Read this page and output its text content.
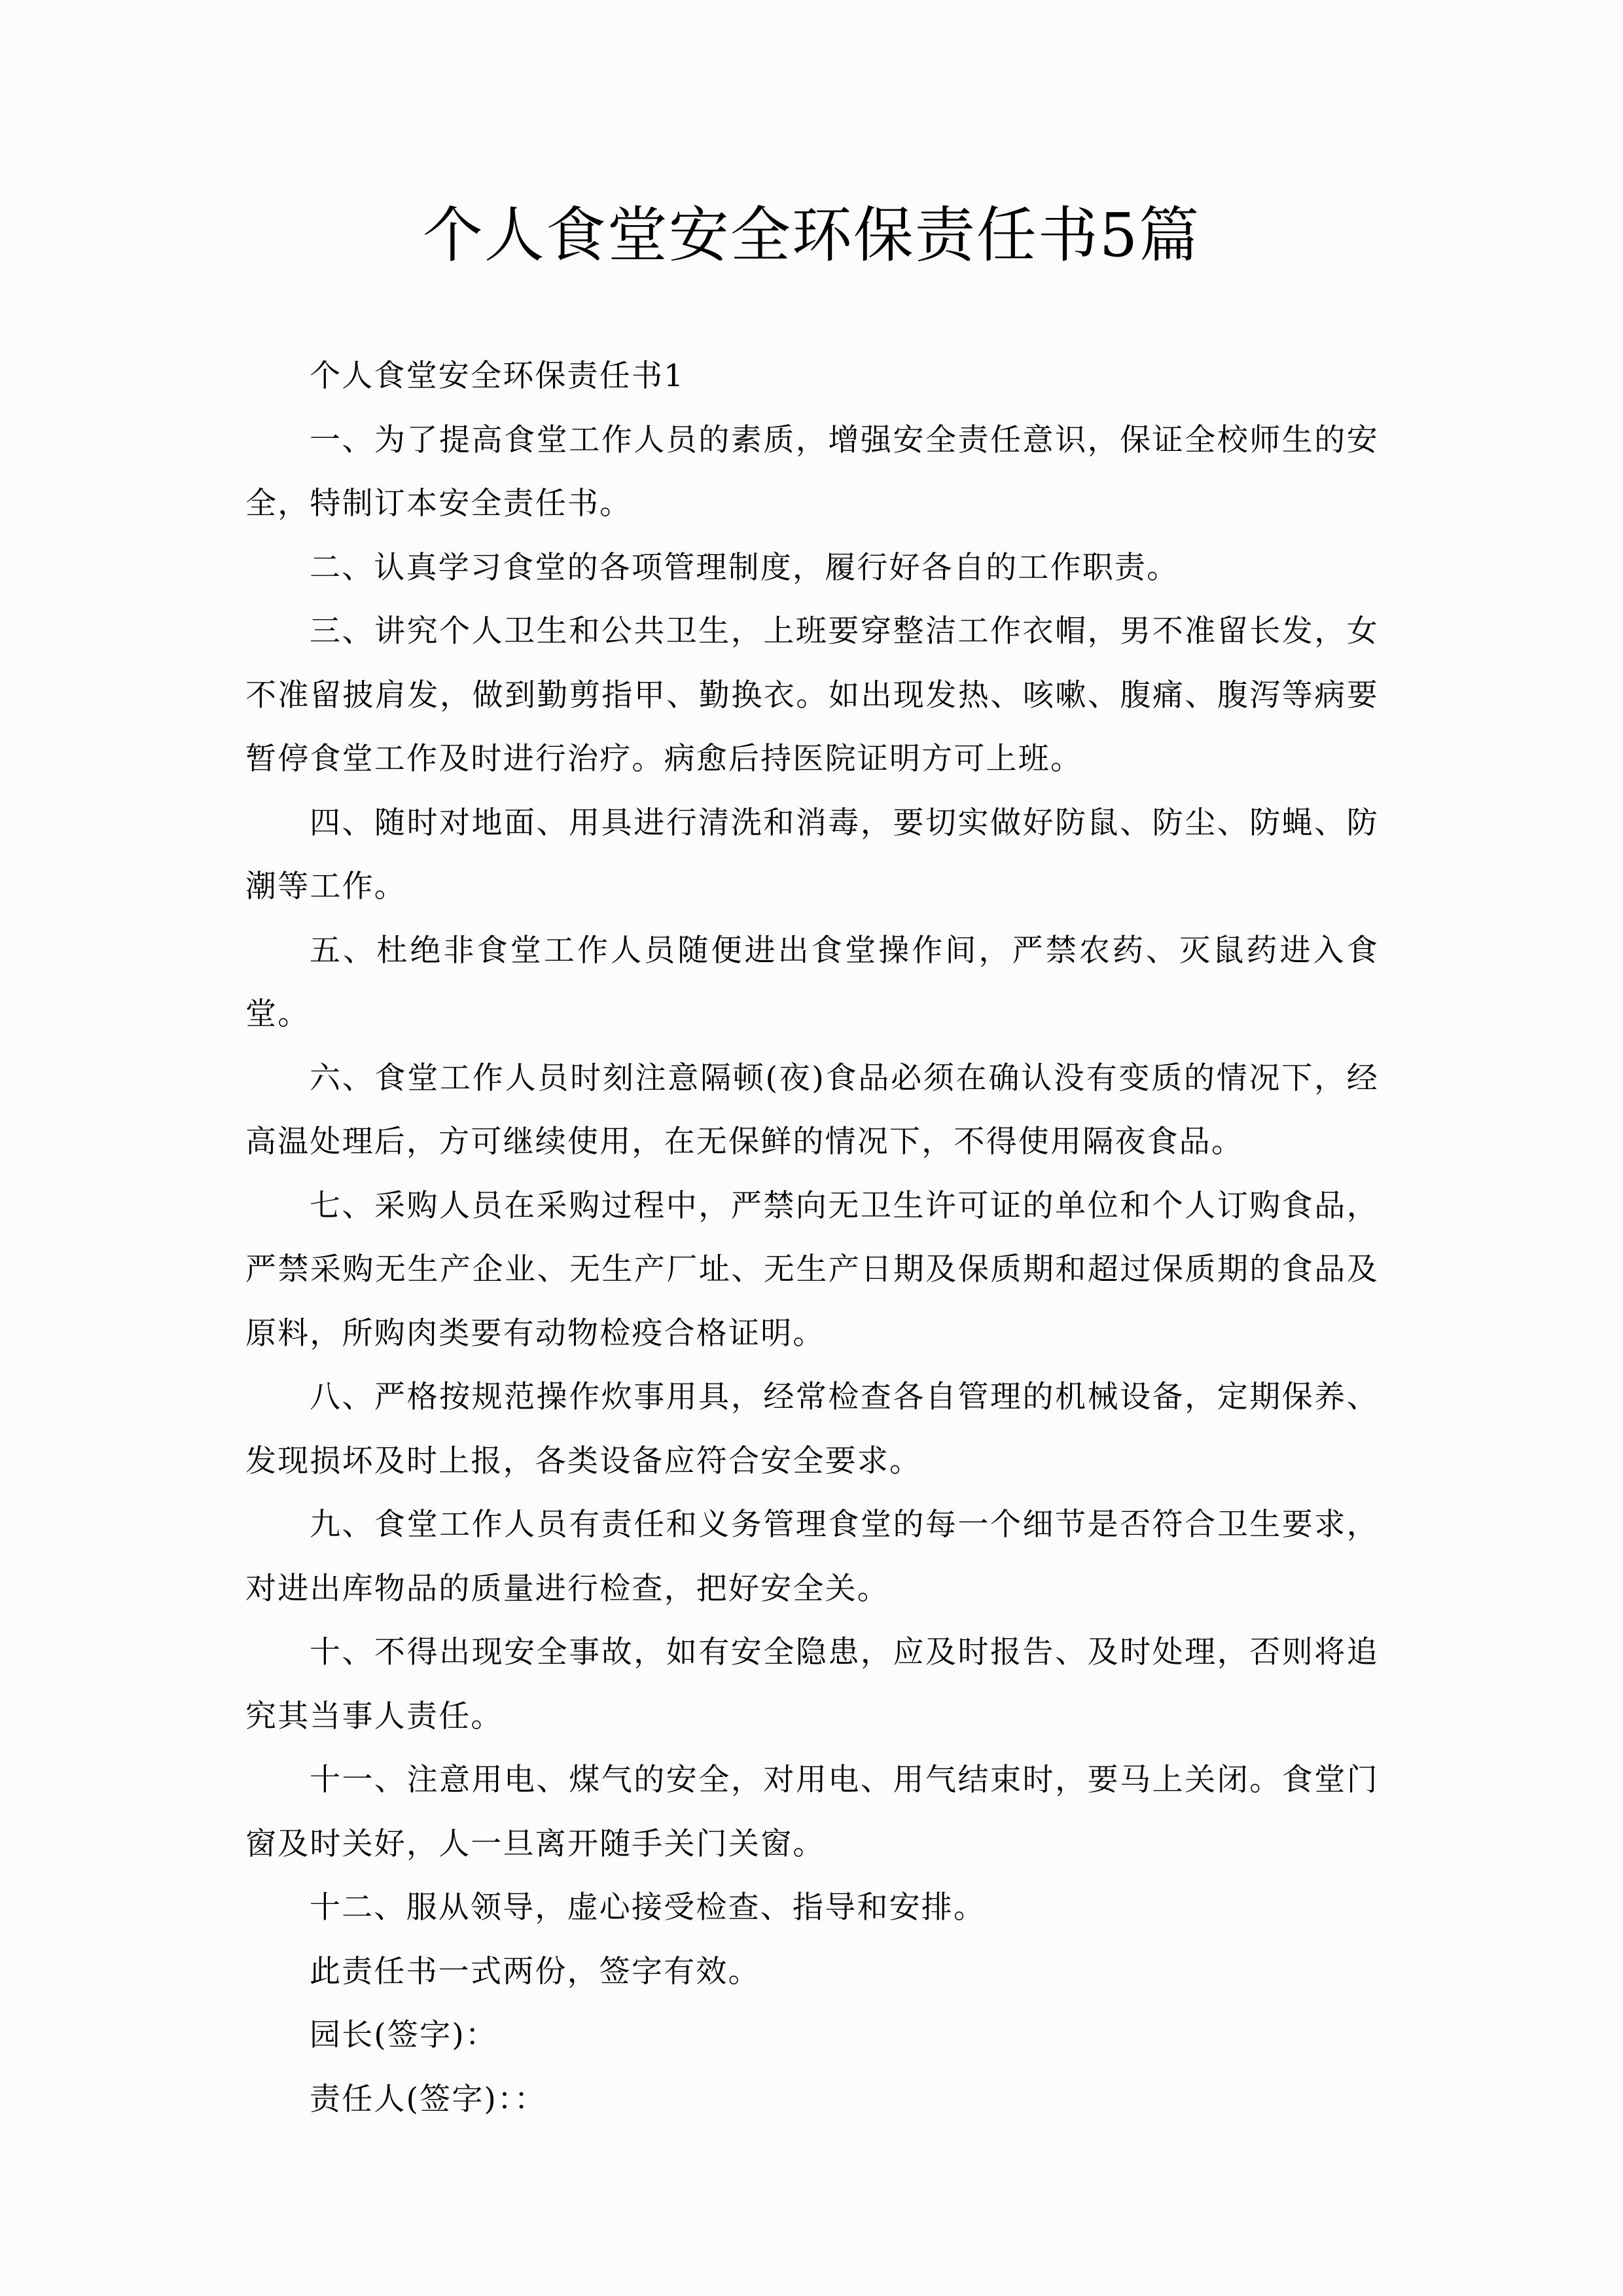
个人食堂安全环保责任书5篇

个人食堂安全环保责任书1

一、为了提高食堂工作人员的素质，增强安全责任意识，保证全校师生的安全，特制订本安全责任书。

二、认真学习食堂的各项管理制度，履行好各自的工作职责。

三、讲究个人卫生和公共卫生，上班要穿整洁工作衣帽，男不准留长发，女不准留披肩发，做到勤剪指甲、勤换衣。如出现发热、咳嗽、腹痛、腹泻等病要暂停食堂工作及时进行治疗。病愈后持医院证明方可上班。

四、随时对地面、用具进行清洗和消毒，要切实做好防鼠、防尘、防蝇、防潮等工作。

五、杜绝非食堂工作人员随便进出食堂操作间，严禁农药、灭鼠药进入食堂。

六、食堂工作人员时刻注意隔顿(夜)食品必须在确认没有变质的情况下，经高温处理后，方可继续使用，在无保鲜的情况下，不得使用隔夜食品。

七、采购人员在采购过程中，严禁向无卫生许可证的单位和个人订购食品，严禁采购无生产企业、无生产厂址、无生产日期及保质期和超过保质期的食品及原料，所购肉类要有动物检疫合格证明。

八、严格按规范操作炊事用具，经常检查各自管理的机械设备，定期保养、发现损坏及时上报，各类设备应符合安全要求。

九、食堂工作人员有责任和义务管理食堂的每一个细节是否符合卫生要求，对进出库物品的质量进行检查，把好安全关。

十、不得出现安全事故，如有安全隐患，应及时报告、及时处理，否则将追究其当事人责任。

十一、注意用电、煤气的安全，对用电、用气结束时，要马上关闭。食堂门窗及时关好，人一旦离开随手关门关窗。

十二、服从领导，虚心接受检查、指导和安排。

此责任书一式两份，签字有效。

园长(签字)：

责任人(签字)：：
